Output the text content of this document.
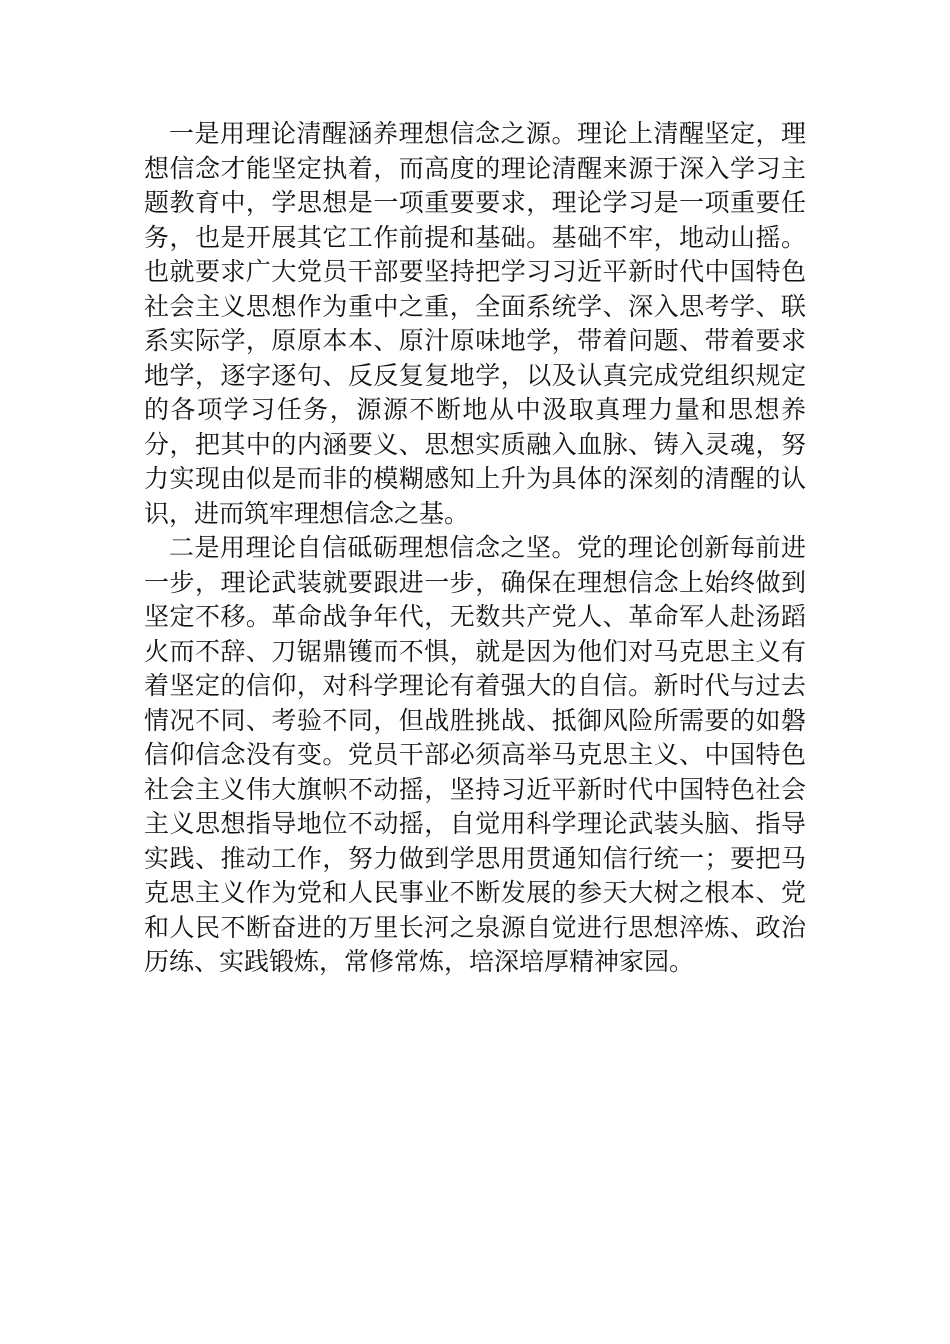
一是用理论清醒涵养理想信念之源。理论上清醒坚定，理想信念才能坚定执着，而高度的理论清醒来源于深入学习主题教育中，学思想是一项重要要求，理论学习是一项重要任务，也是开展其它工作前提和基础。基础不牢，地动山摇。也就要求广大党员干部要坚持把学习习近平新时代中国特色社会主义思想作为重中之重，全面系统学、深入思考学、联系实际学，原原本本、原汁原味地学，带着问题、带着要求地学，逐字逐句、反反复复地学，以及认真完成党组织规定的各项学习任务，源源不断地从中汲取真理力量和思想养分，把其中的内涵要义、思想实质融入血脉、铸入灵魂，努力实现由似是而非的模糊感知上升为具体的深刻的清醒的认识，进而筑牢理想信念之基。

二是用理论自信砥砺理想信念之坚。党的理论创新每前进一步，理论武装就要跟进一步，确保在理想信念上始终做到坚定不移。革命战争年代，无数共产党人、革命军人赴汤蹈火而不辞、刀锯鼎镬而不惧，就是因为他们对马克思主义有着坚定的信仰，对科学理论有着强大的自信。新时代与过去情况不同、考验不同，但战胜挑战、抵御风险所需要的如磐信仰信念没有变。党员干部必须高举马克思主义、中国特色社会主义伟大旗帜不动摇，坚持习近平新时代中国特色社会主义思想指导地位不动摇，自觉用科学理论武装头脑、指导实践、推动工作，努力做到学思用贯通知信行统一；要把马克思主义作为党和人民事业不断发展的参天大树之根本、党和人民不断奋进的万里长河之泉源自觉进行思想淬炼、政治历练、实践锻炼，常修常炼，培深培厚精神家园。
